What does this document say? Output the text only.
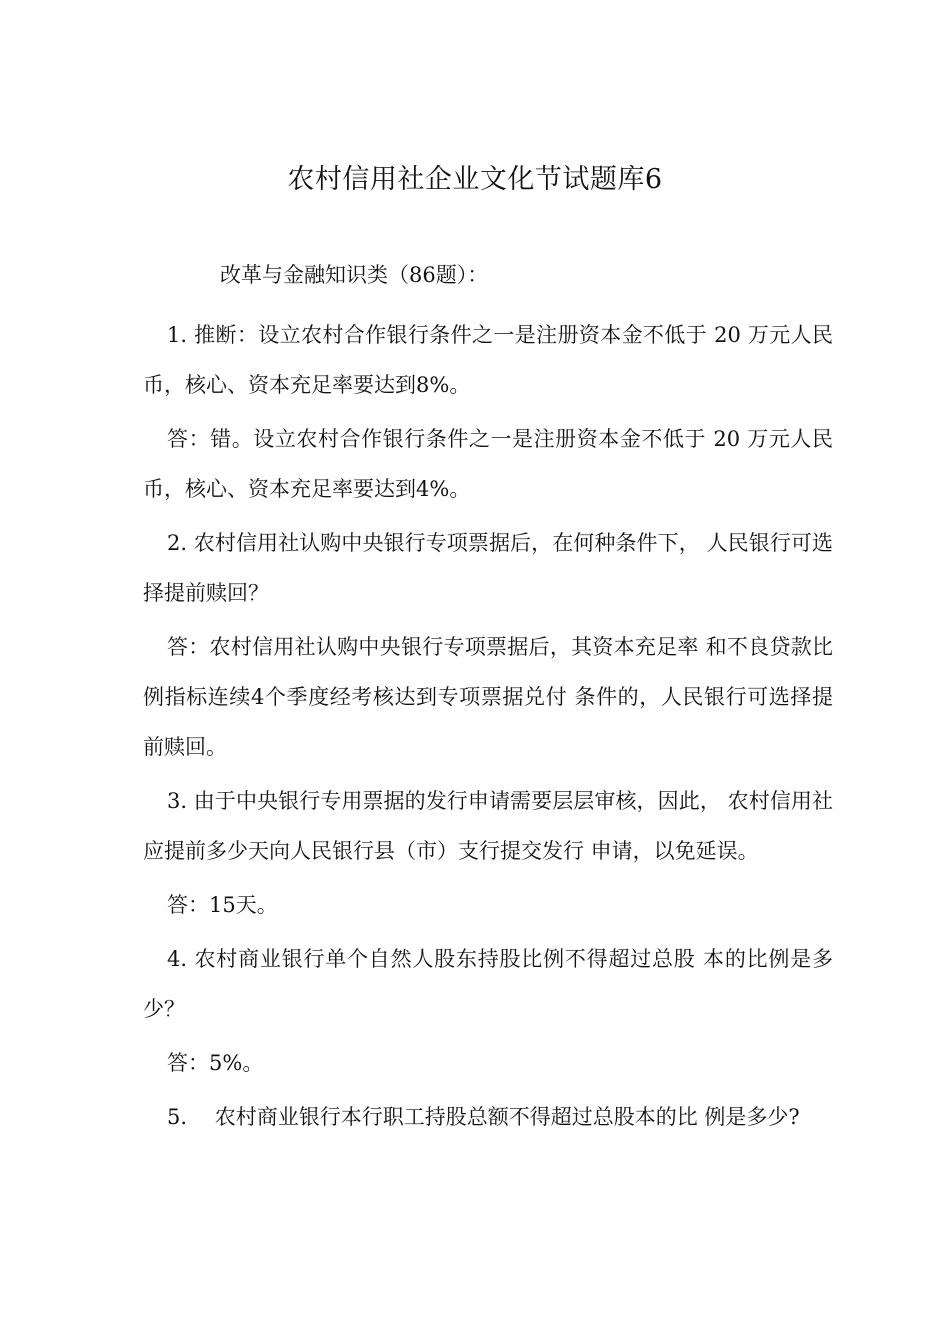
农村信用社企业文化节试题库6
改革与金融知识类（86题）：

1. 推断：设立农村合作银行条件之一是注册资本金不低于 20 万元人民币，核心、资本充足率要达到8%。

答：错。设立农村合作银行条件之一是注册资本金不低于 20 万元人民币，核心、资本充足率要达到4%。

2. 农村信用社认购中央银行专项票据后，在何种条件下， 人民银行可选择提前赎回？

答：农村信用社认购中央银行专项票据后，其资本充足率 和不良贷款比例指标连续4个季度经考核达到专项票据兑付 条件的，人民银行可选择提前赎回。

3. 由于中央银行专用票据的发行申请需要层层审核，因此， 农村信用社应提前多少天向人民银行县（市）支行提交发行 申请，以免延误。

答：15天。

4. 农村商业银行单个自然人股东持股比例不得超过总股 本的比例是多少？

答：5%。

5.　 农村商业银行本行职工持股总额不得超过总股本的比 例是多少?
